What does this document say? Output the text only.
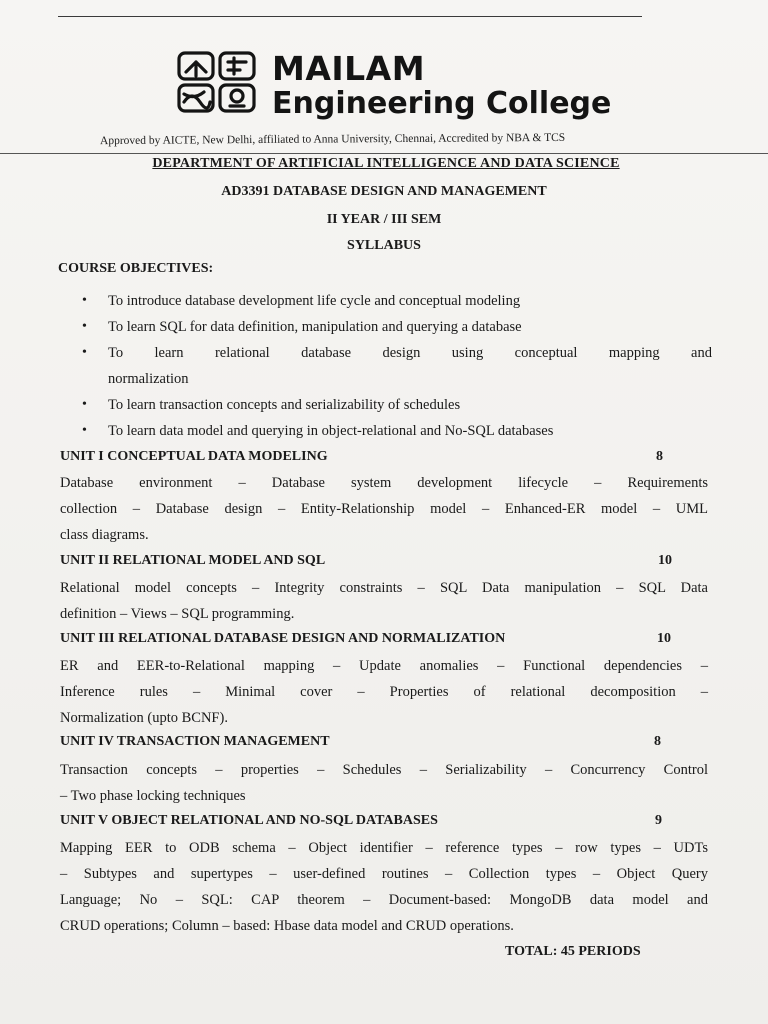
MAILAM
Engineering College
Approved by AICTE, New Delhi, affiliated to Anna University, Chennai, Accredited by NBA & TCS
DEPARTMENT OF ARTIFICIAL INTELLIGENCE AND DATA SCIENCE
AD3391 DATABASE DESIGN AND MANAGEMENT
II YEAR / III SEM
SYLLABUS
COURSE OBJECTIVES:
• To introduce database development life cycle and conceptual modeling
• To learn SQL for data definition, manipulation and querying a database
• To learn relational database design using conceptual mapping and
normalization
• To learn transaction concepts and serializability of schedules
• To learn data model and querying in object-relational and No-SQL databases
UNIT I CONCEPTUAL DATA MODELING	8

Database environment – Database system development lifecycle – Requirements
collection – Database design – Entity-Relationship model – Enhanced-ER model – UML
class diagrams.

UNIT II RELATIONAL MODEL AND SQL	10

Relational model concepts – Integrity constraints – SQL Data manipulation – SQL Data
definition – Views – SQL programming.

UNIT III RELATIONAL DATABASE DESIGN AND NORMALIZATION	10

ER and EER-to-Relational mapping – Update anomalies – Functional dependencies –
Inference rules – Minimal cover – Properties of relational decomposition –
Normalization (upto BCNF).

UNIT IV TRANSACTION MANAGEMENT	8

Transaction concepts – properties – Schedules – Serializability – Concurrency Control
– Two phase locking techniques

UNIT V OBJECT RELATIONAL AND NO-SQL DATABASES	9

Mapping EER to ODB schema – Object identifier – reference types – row types – UDTs
– Subtypes and supertypes – user-defined routines – Collection types – Object Query
Language; No – SQL: CAP theorem – Document-based: MongoDB data model and
CRUD operations; Column – based: Hbase data model and CRUD operations.

TOTAL: 45 PERIODS
